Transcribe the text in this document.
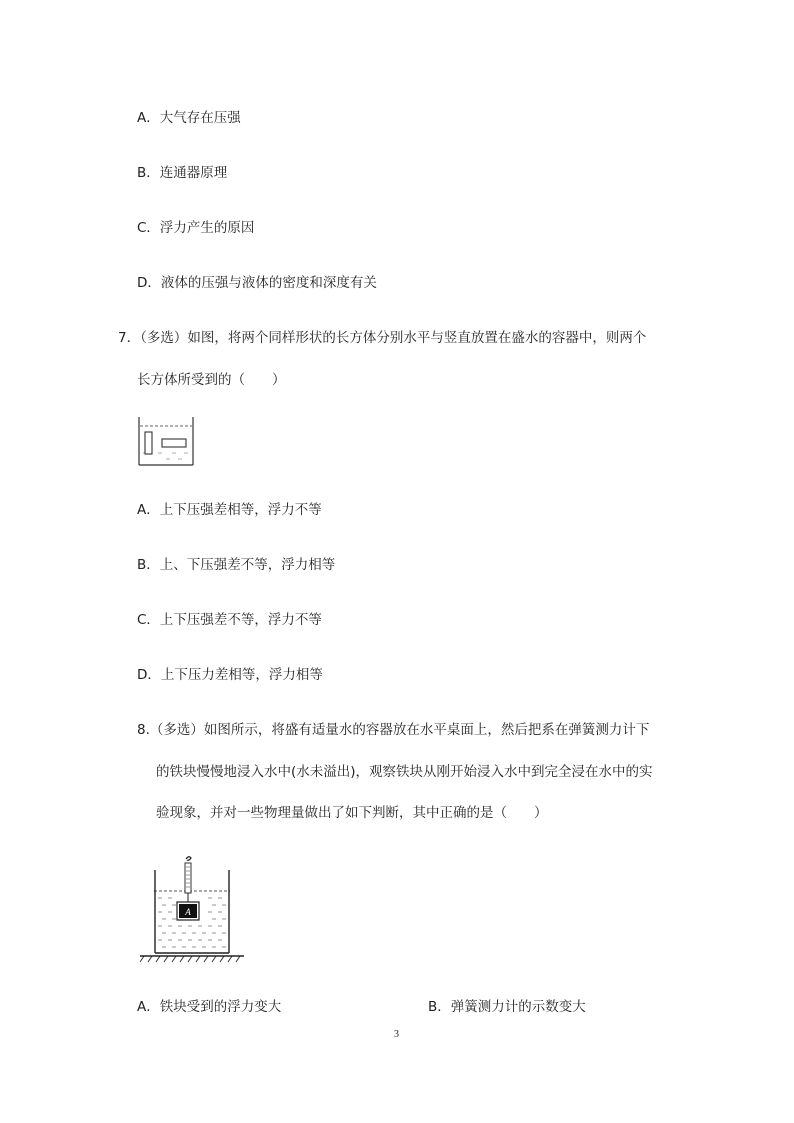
A．大气存在压强
B．连通器原理
C．浮力产生的原因
D．液体的压强与液体的密度和深度有关
7．（多选）如图，将两个同样形状的长方体分别水平与竖直放置在盛水的容器中，则两个
长方体所受到的（　　）
A．上下压强差相等，浮力不等
B．上、下压强差不等，浮力相等
C．上下压强差不等，浮力不等
D．上下压力差相等，浮力相等
8.（多选）如图所示，将盛有适量水的容器放在水平桌面上，然后把系在弹簧测力计下
的铁块慢慢地浸入水中(水未溢出)，观察铁块从刚开始浸入水中到完全浸在水中的实
验现象，并对一些物理量做出了如下判断，其中正确的是（　　）
A
A．铁块受到的浮力变大	B．弹簧测力计的示数变大
3
